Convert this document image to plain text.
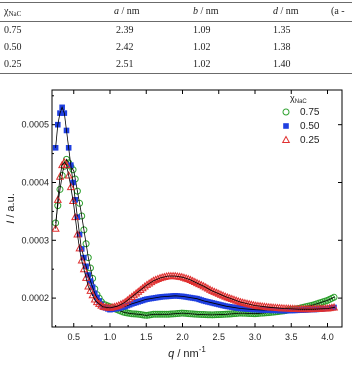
$\chi_{NaC}$	a / nm	b / nm	d / nm	(a -
0.75	2.39	1.09	1.35
0.50	2.42	1.02	1.38
0.25	2.51	1.02	1.40
0.5	1.0	1.5	2.0	2.5	3.0	3.5	4.0
0.0002
0.0003
0.0004
0.0005
q / $nm^{-1}$
I / a.u.
$\chi_{NaC}$
0.75
0.50
0.25
